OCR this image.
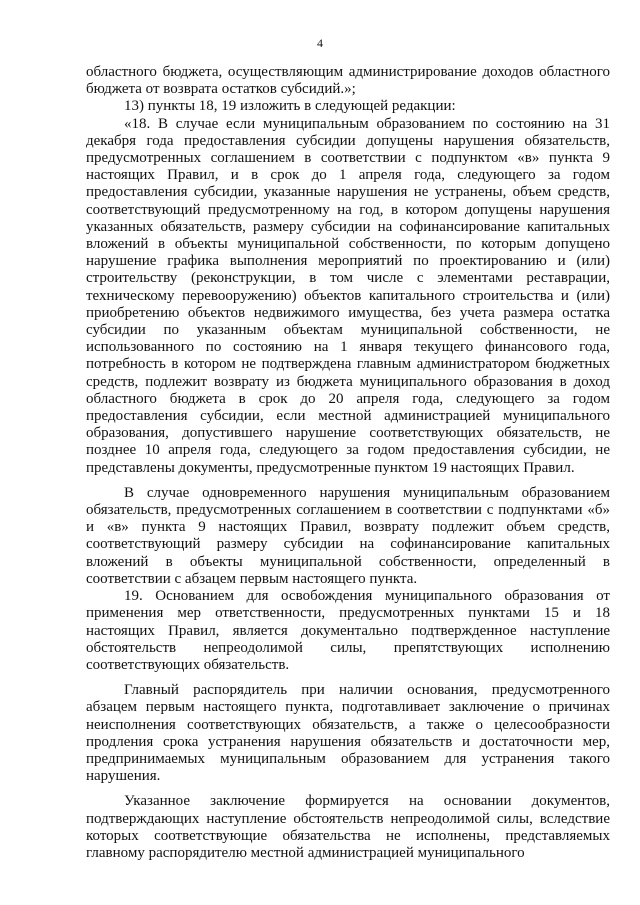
4

областного бюджета, осуществляющим администрирование доходов областного бюджета от возврата остатков субсидий.»;

13) пункты 18, 19 изложить в следующей редакции:

«18. В случае если муниципальным образованием по состоянию на 31 декабря года предоставления субсидии допущены нарушения обязательств, предусмотренных соглашением в соответствии с подпунктом «в» пункта 9 настоящих Правил, и в срок до 1 апреля года, следующего за годом предоставления субсидии, указанные нарушения не устранены, объем средств, соответствующий предусмотренному на год, в котором допущены нарушения указанных обязательств, размеру субсидии на софинансирование капитальных вложений в объекты муниципальной собственности, по которым допущено нарушение графика выполнения мероприятий по проектированию и (или) строительству (реконструкции, в том числе с элементами реставрации, техническому перевооружению) объектов капитального строительства и (или) приобретению объектов недвижимого имущества, без учета размера остатка субсидии по указанным объектам муниципальной собственности, не использованного по состоянию на 1 января текущего финансового года, потребность в котором не подтверждена главным администратором бюджетных средств, подлежит возврату из бюджета муниципального образования в доход областного бюджета в срок до 20 апреля года, следующего за годом предоставления субсидии, если местной администрацией муниципального образования, допустившего нарушение соответствующих обязательств, не позднее 10 апреля года, следующего за годом предоставления субсидии, не представлены документы, предусмотренные пунктом 19 настоящих Правил.

В случае одновременного нарушения муниципальным образованием обязательств, предусмотренных соглашением в соответствии с подпунктами «б» и «в» пункта 9 настоящих Правил, возврату подлежит объем средств, соответствующий размеру субсидии на софинансирование капитальных вложений в объекты муниципальной собственности, определенный в соответствии с абзацем первым настоящего пункта.

19. Основанием для освобождения муниципального образования от применения мер ответственности, предусмотренных пунктами 15 и 18 настоящих Правил, является документально подтвержденное наступление обстоятельств непреодолимой силы, препятствующих исполнению соответствующих обязательств.

Главный распорядитель при наличии основания, предусмотренного абзацем первым настоящего пункта, подготавливает заключение о причинах неисполнения соответствующих обязательств, а также о целесообразности продления срока устранения нарушения обязательств и достаточности мер, предпринимаемых муниципальным образованием для устранения такого нарушения.

Указанное заключение формируется на основании документов, подтверждающих наступление обстоятельств непреодолимой силы, вследствие которых соответствующие обязательства не исполнены, представляемых главному распорядителю местной администрацией муниципального
